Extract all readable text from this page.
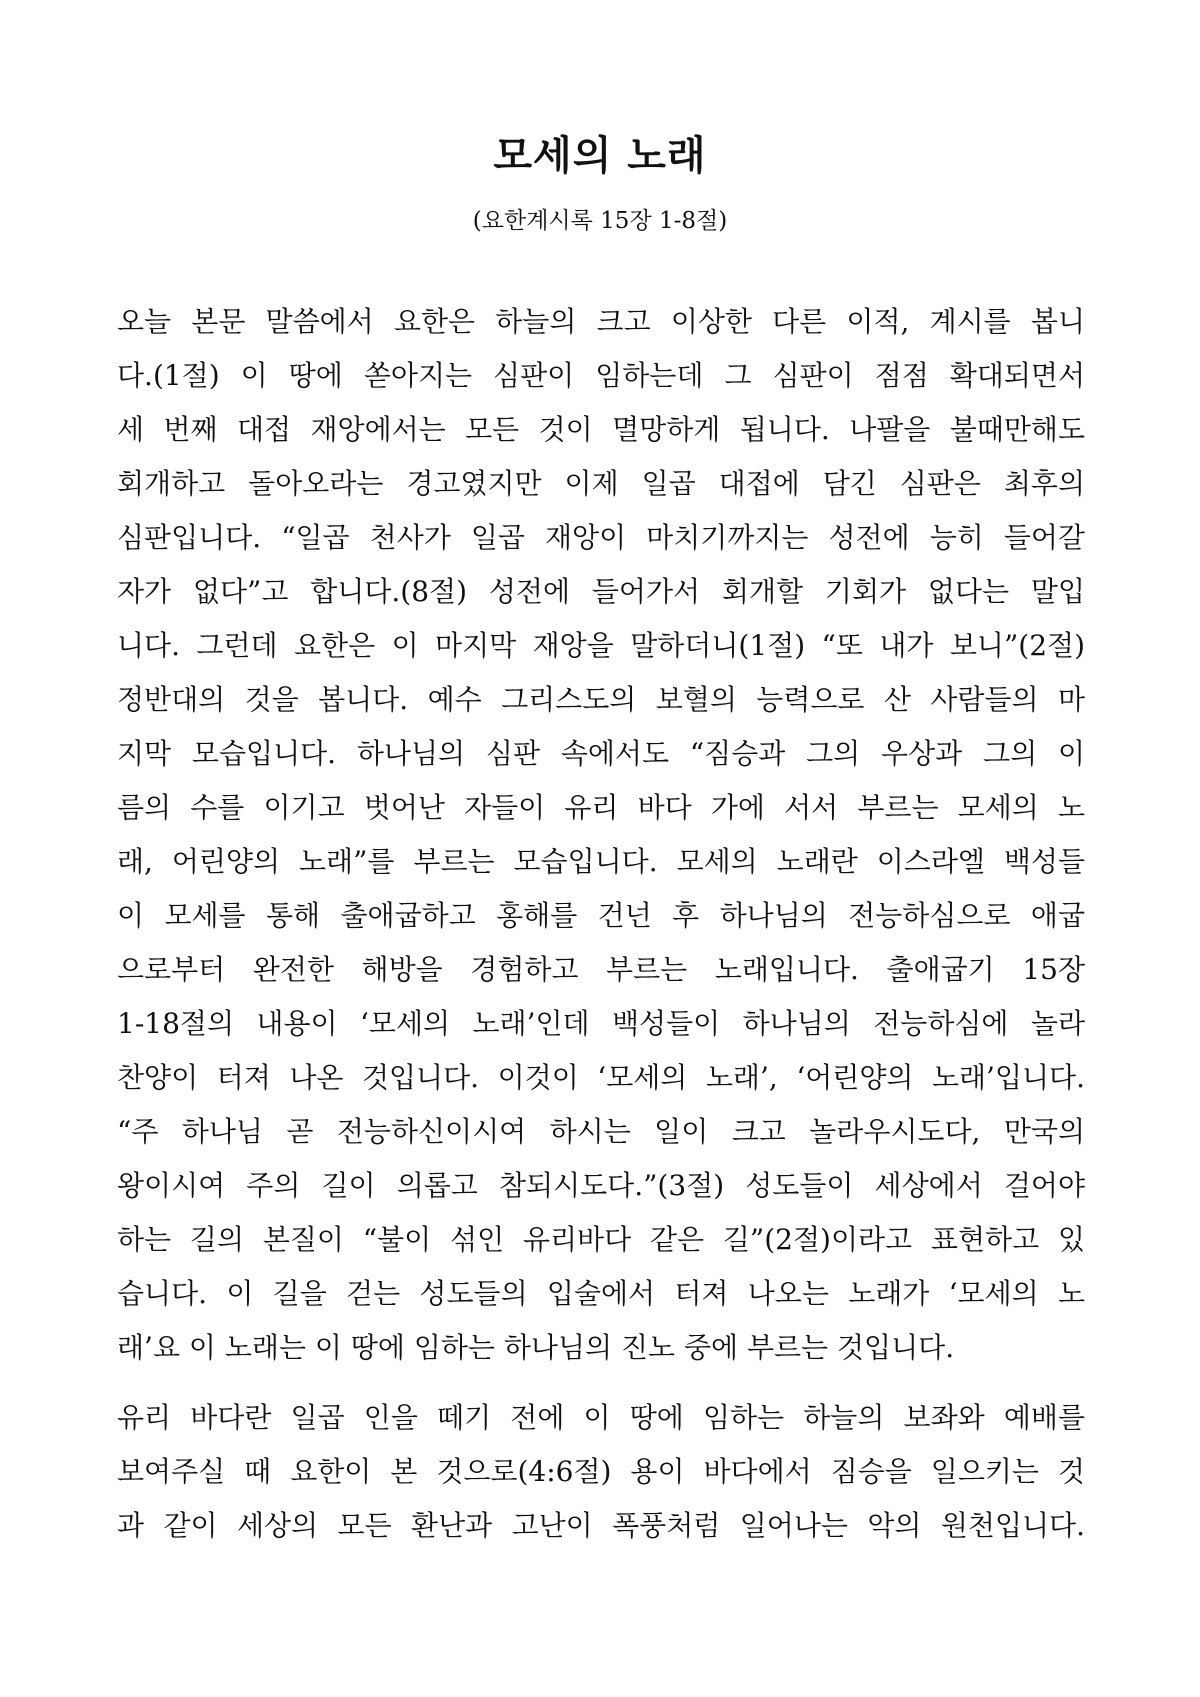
모세의 노래
(요한계시록 15장 1-8절)
오늘 본문 말씀에서 요한은 하늘의 크고 이상한 다른 이적, 계시를 봅니
다.(1절) 이 땅에 쏟아지는 심판이 임하는데 그 심판이 점점 확대되면서
세 번째 대접 재앙에서는 모든 것이 멸망하게 됩니다. 나팔을 불때만해도
회개하고 돌아오라는 경고였지만 이제 일곱 대접에 담긴 심판은 최후의
심판입니다. “일곱 천사가 일곱 재앙이 마치기까지는 성전에 능히 들어갈
자가 없다”고 합니다.(8절) 성전에 들어가서 회개할 기회가 없다는 말입
니다. 그런데 요한은 이 마지막 재앙을 말하더니(1절) “또 내가 보니”(2절)
정반대의 것을 봅니다. 예수 그리스도의 보혈의 능력으로 산 사람들의 마
지막 모습입니다. 하나님의 심판 속에서도 “짐승과 그의 우상과 그의 이
름의 수를 이기고 벗어난 자들이 유리 바다 가에 서서 부르는 모세의 노
래, 어린양의 노래”를 부르는 모습입니다. 모세의 노래란 이스라엘 백성들
이 모세를 통해 출애굽하고 홍해를 건넌 후 하나님의 전능하심으로 애굽
으로부터 완전한 해방을 경험하고 부르는 노래입니다. 출애굽기 15장
1-18절의 내용이 ‘모세의 노래’인데 백성들이 하나님의 전능하심에 놀라
찬양이 터져 나온 것입니다. 이것이 ‘모세의 노래’, ‘어린양의 노래’입니다.
“주 하나님 곧 전능하신이시여 하시는 일이 크고 놀라우시도다, 만국의
왕이시여 주의 길이 의롭고 참되시도다.”(3절) 성도들이 세상에서 걸어야
하는 길의 본질이 “불이 섞인 유리바다 같은 길”(2절)이라고 표현하고 있
습니다. 이 길을 걷는 성도들의 입술에서 터져 나오는 노래가 ‘모세의 노
래’요 이 노래는 이 땅에 임하는 하나님의 진노 중에 부르는 것입니다.
유리 바다란 일곱 인을 떼기 전에 이 땅에 임하는 하늘의 보좌와 예배를
보여주실 때 요한이 본 것으로(4:6절) 용이 바다에서 짐승을 일으키는 것
과 같이 세상의 모든 환난과 고난이 폭풍처럼 일어나는 악의 원천입니다.
